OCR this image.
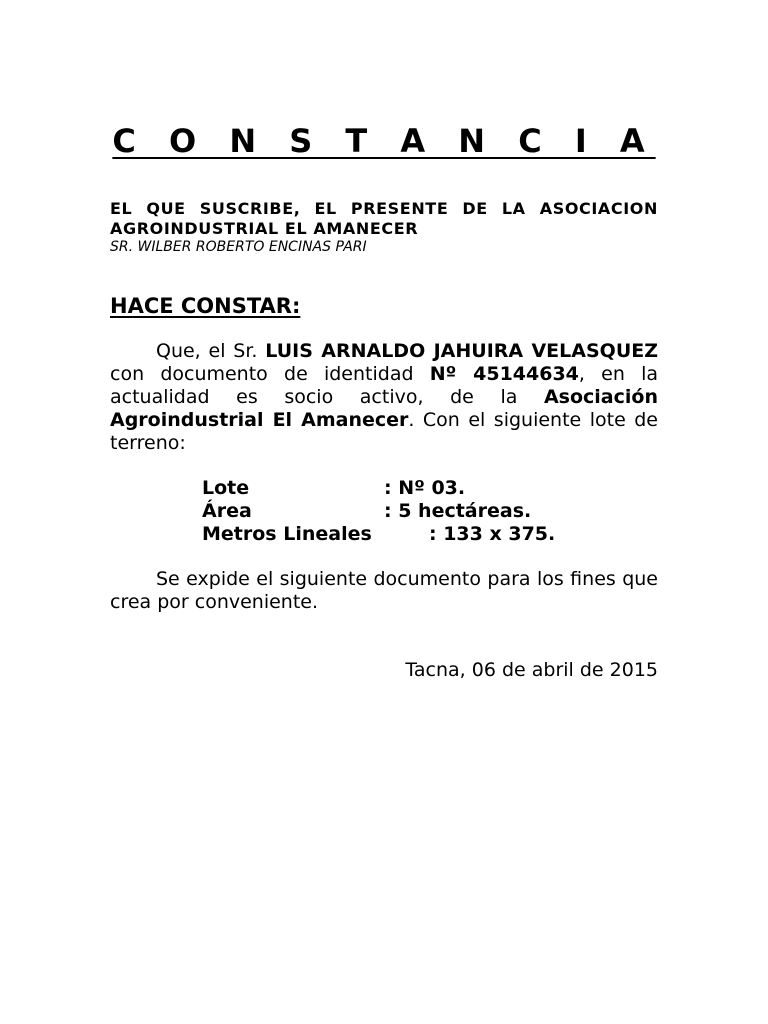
C O N S T A N C I A
EL QUE SUSCRIBE, EL PRESENTE DE LA ASOCIACION AGROINDUSTRIAL EL AMANECER
SR. WILBER ROBERTO ENCINAS PARI
HACE CONSTAR:
Que, el Sr. LUIS ARNALDO JAHUIRA VELASQUEZ con documento de identidad Nº 45144634, en la actualidad es socio activo, de la Asociación Agroindustrial El Amanecer. Con el siguiente lote de terreno:
Lote	: Nº 03.
Área	: 5 hectáreas.
Metros Lineales	: 133 x 375.
Se expide el siguiente documento para los fines que crea por conveniente.
Tacna, 06 de abril de 2015
